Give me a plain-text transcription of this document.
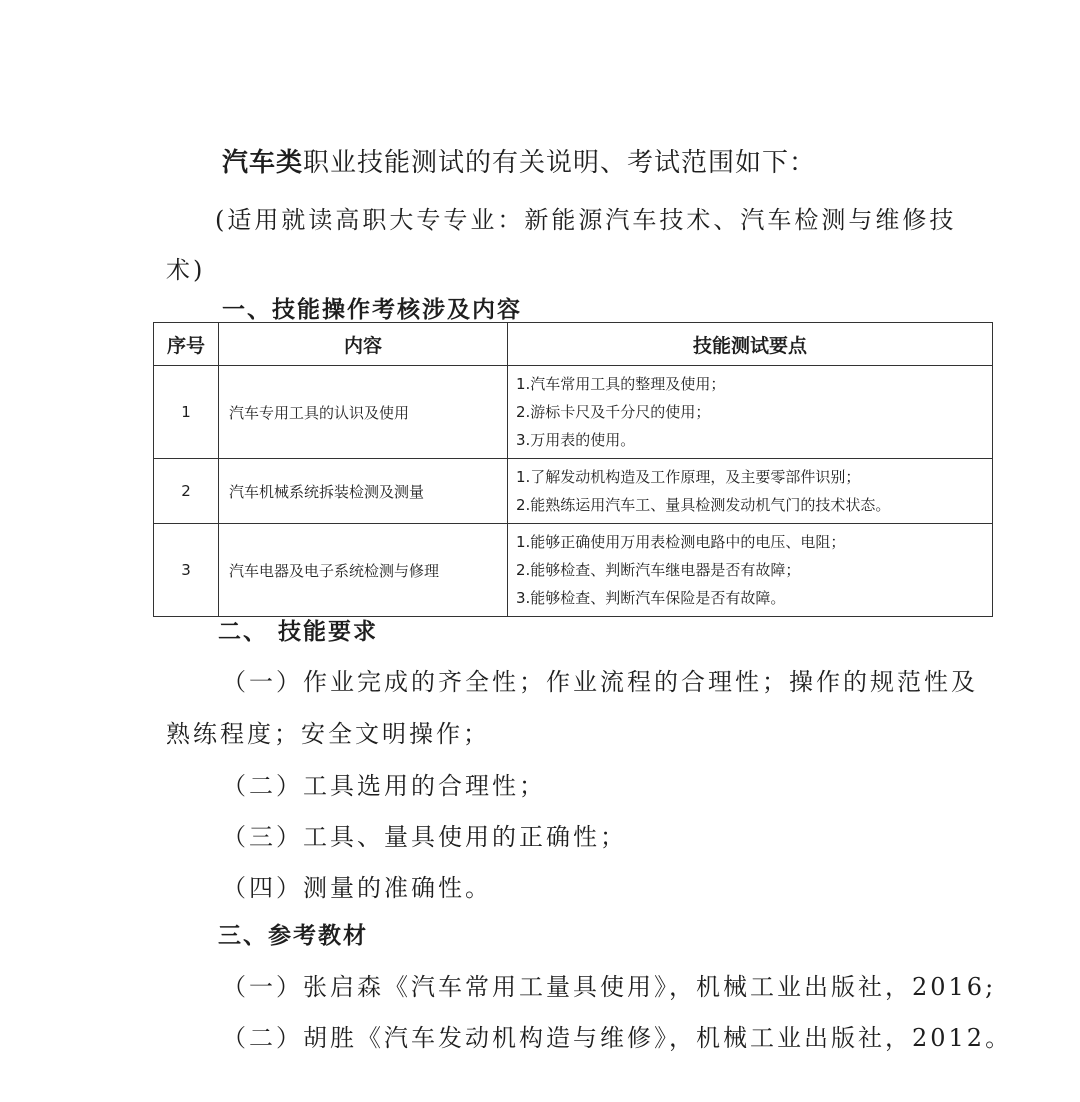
汽车类职业技能测试的有关说明、考试范围如下：
(适用就读高职大专专业：新能源汽车技术、汽车检测与维修技
术)
一、技能操作考核涉及内容
序号	内容	技能测试要点
1	汽车专用工具的认识及使用	1.汽车常用工具的整理及使用；
2.游标卡尺及千分尺的使用；
3.万用表的使用。

2	汽车机械系统拆装检测及测量	1.了解发动机构造及工作原理，及主要零部件识别；
2.能熟练运用汽车工、量具检测发动机气门的技术状态。

3	汽车电器及电子系统检测与修理	1.能够正确使用万用表检测电路中的电压、电阻；
2.能够检查、判断汽车继电器是否有故障；
3.能够检查、判断汽车保险是否有故障。
二、 技能要求
（一）作业完成的齐全性；作业流程的合理性；操作的规范性及
熟练程度；安全文明操作；
（二）工具选用的合理性；
（三）工具、量具使用的正确性；
（四）测量的准确性。
三、参考教材
（一）张启森《汽车常用工量具使用》，机械工业出版社，2016;
（二）胡胜《汽车发动机构造与维修》，机械工业出版社，2012。
